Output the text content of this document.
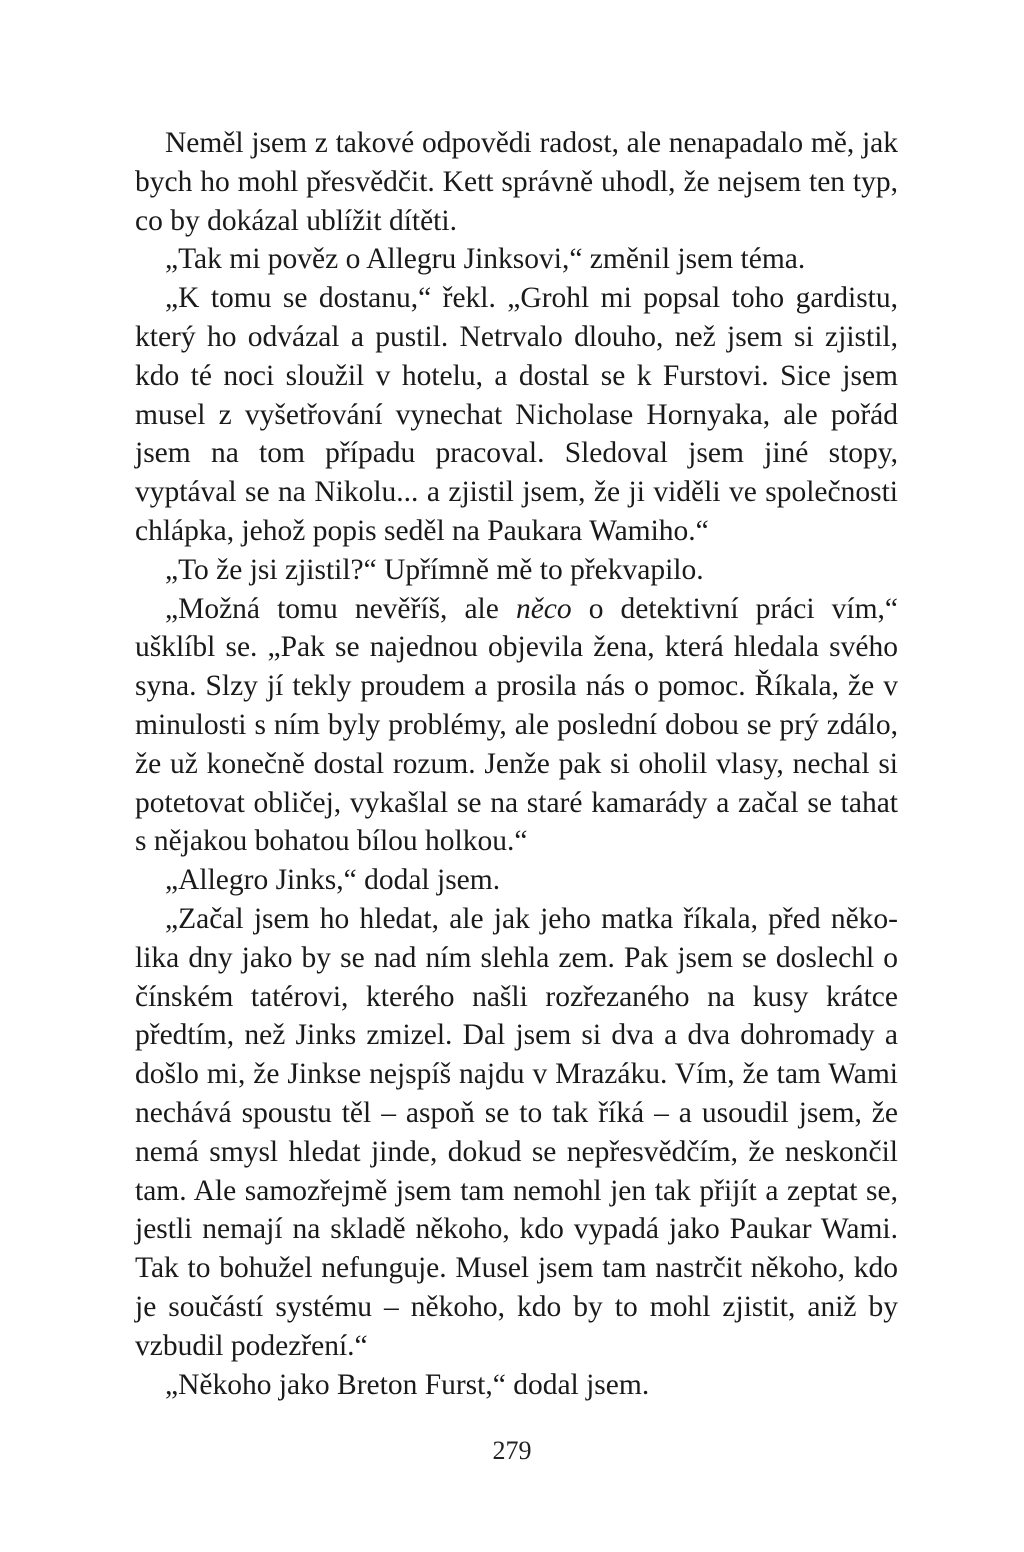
Neměl jsem z takové odpovědi radost, ale nenapadalo mě, jak bych ho mohl přesvědčit. Kett správně uhodl, že nejsem ten typ, co by dokázal ublížit dítěti.

„Tak mi pověz o Allegru Jinksovi,“ změnil jsem téma.

„K tomu se dostanu,“ řekl. „Grohl mi popsal toho gardistu, který ho odvázal a pustil. Netrvalo dlouho, než jsem si zjistil, kdo té noci sloužil v hotelu, a dostal se k Furstovi. Sice jsem musel z vyšetřování vynechat Nicholase Hornyaka, ale pořád jsem na tom případu pracoval. Sledoval jsem jiné stopy, vyptával se na Nikolu... a zjistil jsem, že ji viděli ve společnosti chlápka, jehož popis seděl na Paukara Wamiho.“

„To že jsi zjistil?“ Upřímně mě to překvapilo.

„Možná tomu nevěříš, ale něco o detektivní práci vím,“ ušklíbl se. „Pak se najednou objevila žena, která hledala svého syna. Slzy jí tekly proudem a prosila nás o pomoc. Říkala, že v minulosti s ním byly problémy, ale poslední dobou se prý zdálo, že už konečně dostal rozum. Jenže pak si oholil vlasy, nechal si potetovat obličej, vykašlal se na staré kamarády a začal se tahat s nějakou bohatou bílou holkou.“

„Allegro Jinks,“ dodal jsem.

„Začal jsem ho hledat, ale jak jeho matka říkala, před několika dny jako by se nad ním slehla zem. Pak jsem se doslechl o čínském tatérovi, kterého našli rozřezaného na kusy krátce předtím, než Jinks zmizel. Dal jsem si dva a dva dohromady a došlo mi, že Jinkse nejspíš najdu v Mrazáku. Vím, že tam Wami nechává spoustu těl – aspoň se to tak říká – a usoudil jsem, že nemá smysl hledat jinde, dokud se nepřesvědčím, že neskončil tam. Ale samozřejmě jsem tam nemohl jen tak přijít a zeptat se, jestli nemají na skladě někoho, kdo vypadá jako Paukar Wami. Tak to bohužel nefunguje. Musel jsem tam nastrčit někoho, kdo je součástí systému – někoho, kdo by to mohl zjistit, aniž by vzbudil podezření.“

„Někoho jako Breton Furst,“ dodal jsem.

279
